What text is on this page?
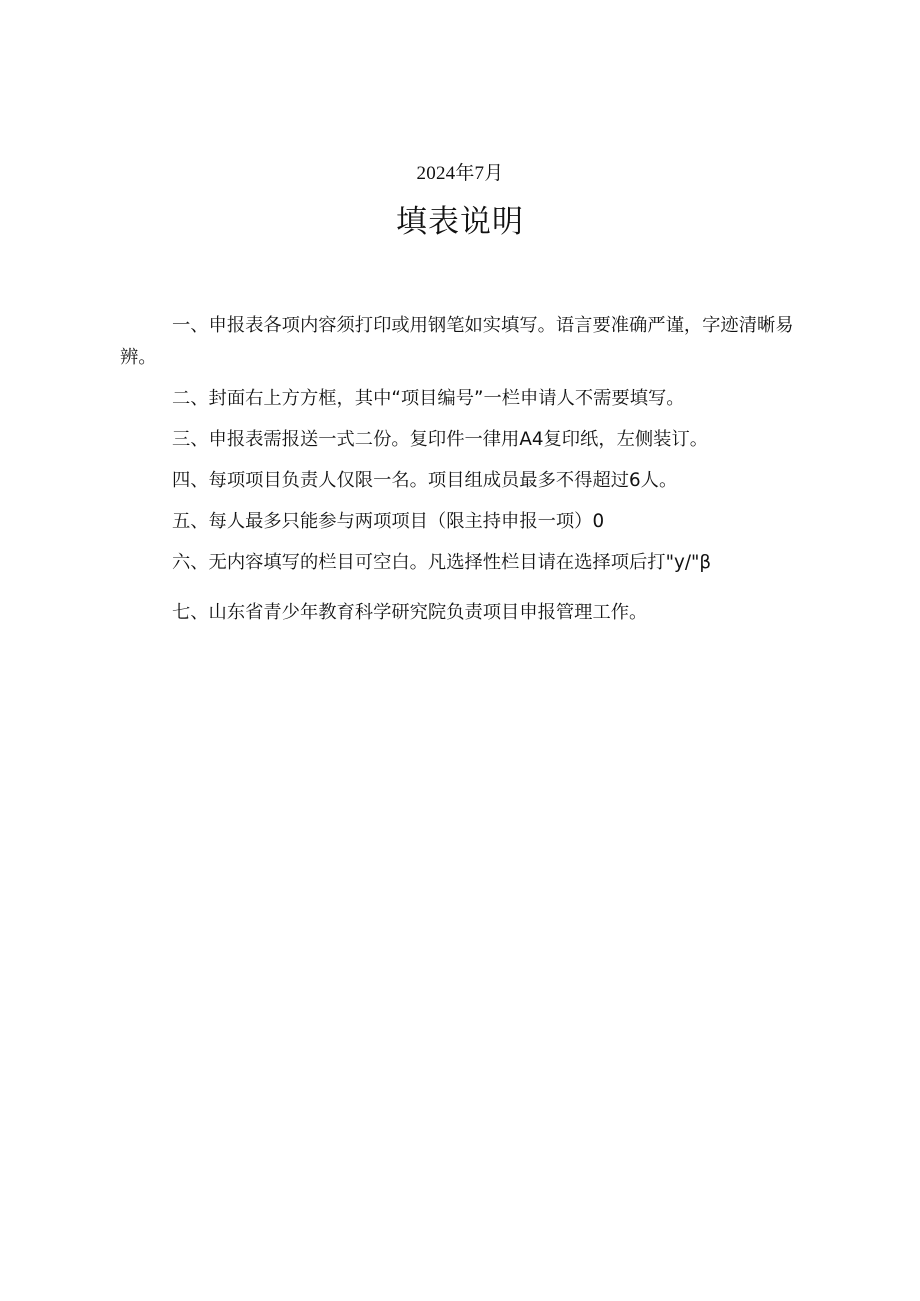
2024年7月
填表说明
一、申报表各项内容须打印或用钢笔如实填写。语言要准确严谨，字迹清晰易辨。
二、封面右上方方框，其中“项目编号”一栏申请人不需要填写。
三、申报表需报送一式二份。复印件一律用A4复印纸，左侧装订。
四、每项项目负责人仅限一名。项目组成员最多不得超过6人。
五、每人最多只能参与两项项目（限主持申报一项）0
六、无内容填写的栏目可空白。凡选择性栏目请在选择项后打"y/"β
七、山东省青少年教育科学研究院负责项目申报管理工作。
